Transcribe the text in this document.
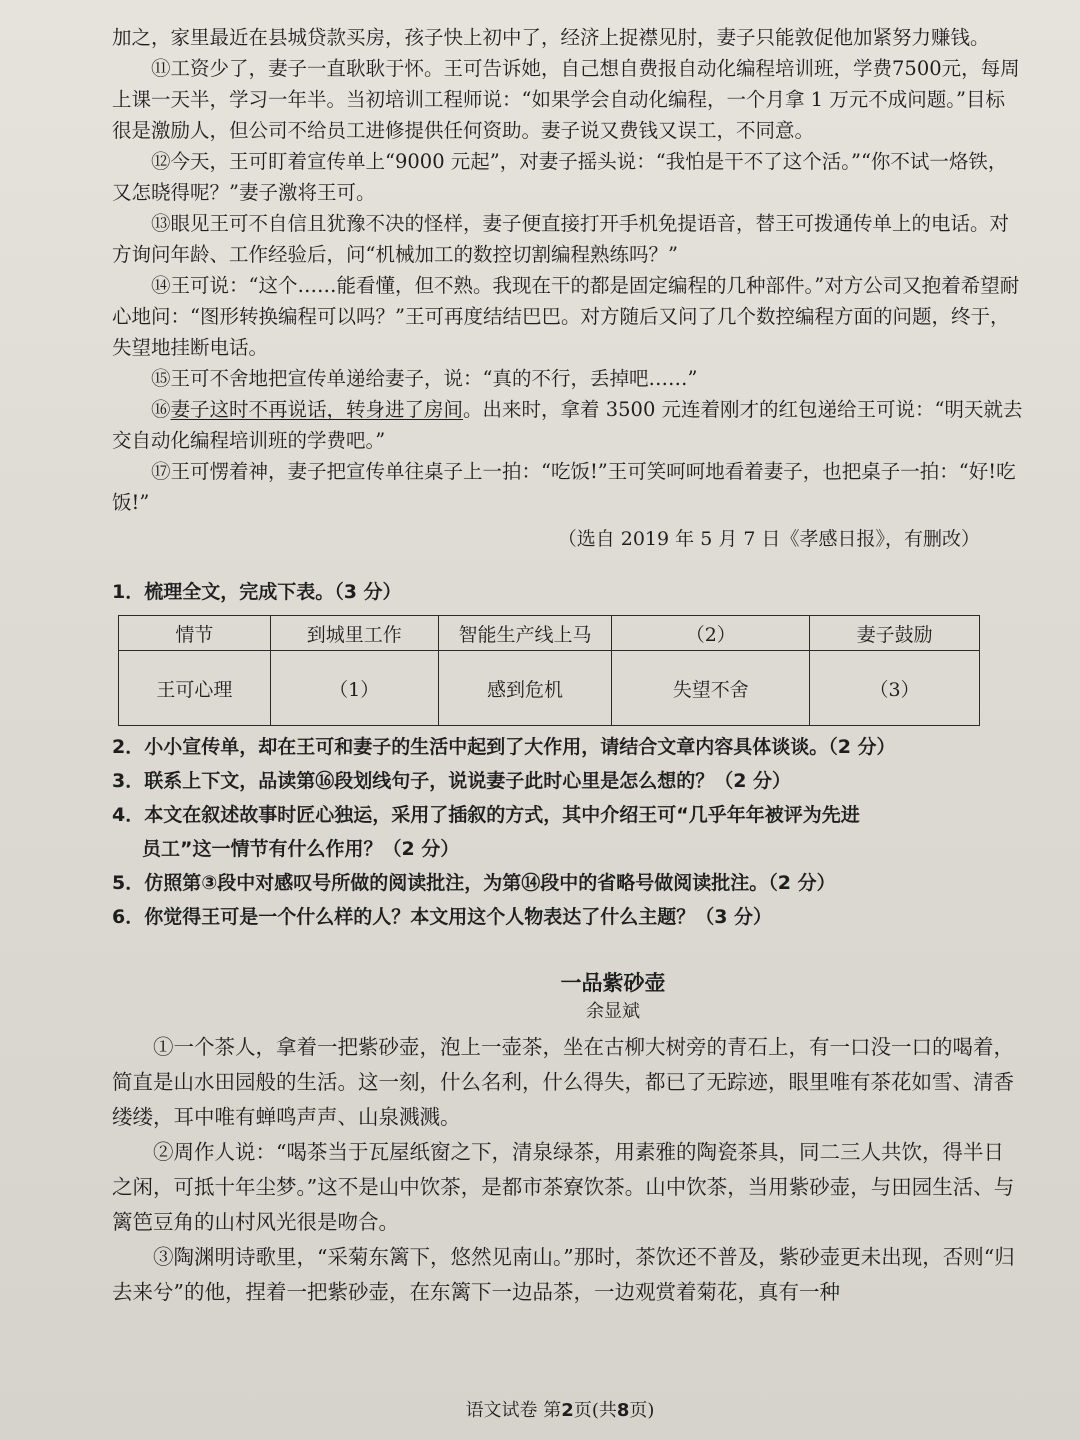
加之，家里最近在县城贷款买房，孩子快上初中了，经济上捉襟见肘，妻子只能敦促他加紧努力赚钱。

⑪工资少了，妻子一直耿耿于怀。王可告诉她，自己想自费报自动化编程培训班，学费7500元，每周上课一天半，学习一年半。当初培训工程师说：“如果学会自动化编程，一个月拿 1 万元不成问题。”目标很是激励人，但公司不给员工进修提供任何资助。妻子说又费钱又误工，不同意。

⑫今天，王可盯着宣传单上“9000 元起”，对妻子摇头说：“我怕是干不了这个活。”“你不试一烙铁，又怎晓得呢？”妻子激将王可。

⑬眼见王可不自信且犹豫不决的怪样，妻子便直接打开手机免提语音，替王可拨通传单上的电话。对方询问年龄、工作经验后，问“机械加工的数控切割编程熟练吗？”

⑭王可说：“这个……能看懂，但不熟。我现在干的都是固定编程的几种部件。”对方公司又抱着希望耐心地问：“图形转换编程可以吗？”王可再度结结巴巴。对方随后又问了几个数控编程方面的问题，终于，失望地挂断电话。

⑮王可不舍地把宣传单递给妻子，说：“真的不行，丢掉吧……”

⑯妻子这时不再说话，转身进了房间。出来时，拿着 3500 元连着刚才的红包递给王可说：“明天就去交自动化编程培训班的学费吧。”

⑰王可愣着神，妻子把宣传单往桌子上一拍：“吃饭!”王可笑呵呵地看着妻子，也把桌子一拍：“好!吃饭!”

（选自 2019 年 5 月 7 日《孝感日报》，有删改）

1．梳理全文，完成下表。（3 分）

情节	到城里工作	智能生产线上马	（2）	妻子鼓励
王可心理	（1）	感到危机	失望不舍	（3）

2．小小宣传单，却在王可和妻子的生活中起到了大作用，请结合文章内容具体谈谈。（2 分）

3．联系上下文，品读第⑯段划线句子，说说妻子此时心里是怎么想的？（2 分）

4．本文在叙述故事时匠心独运，采用了插叙的方式，其中介绍王可“几乎年年被评为先进

员工”这一情节有什么作用？（2 分）

5．仿照第③段中对感叹号所做的阅读批注，为第⑭段中的省略号做阅读批注。（2 分）

6．你觉得王可是一个什么样的人？本文用这个人物表达了什么主题？（3 分）

一品紫砂壶

余显斌

①一个茶人，拿着一把紫砂壶，泡上一壶茶，坐在古柳大树旁的青石上，有一口没一口的喝着，简直是山水田园般的生活。这一刻，什么名利，什么得失，都已了无踪迹，眼里唯有茶花如雪、清香缕缕，耳中唯有蝉鸣声声、山泉溅溅。

②周作人说：“喝茶当于瓦屋纸窗之下，清泉绿茶，用素雅的陶瓷茶具，同二三人共饮，得半日之闲，可抵十年尘梦。”这不是山中饮茶，是都市茶寮饮茶。山中饮茶，当用紫砂壶，与田园生活、与篱笆豆角的山村风光很是吻合。

③陶渊明诗歌里，“采菊东篱下，悠然见南山。”那时，茶饮还不普及，紫砂壶更未出现，否则“归去来兮”的他，捏着一把紫砂壶，在东篱下一边品茶，一边观赏着菊花，真有一种

语文试卷 第2页(共8页)
